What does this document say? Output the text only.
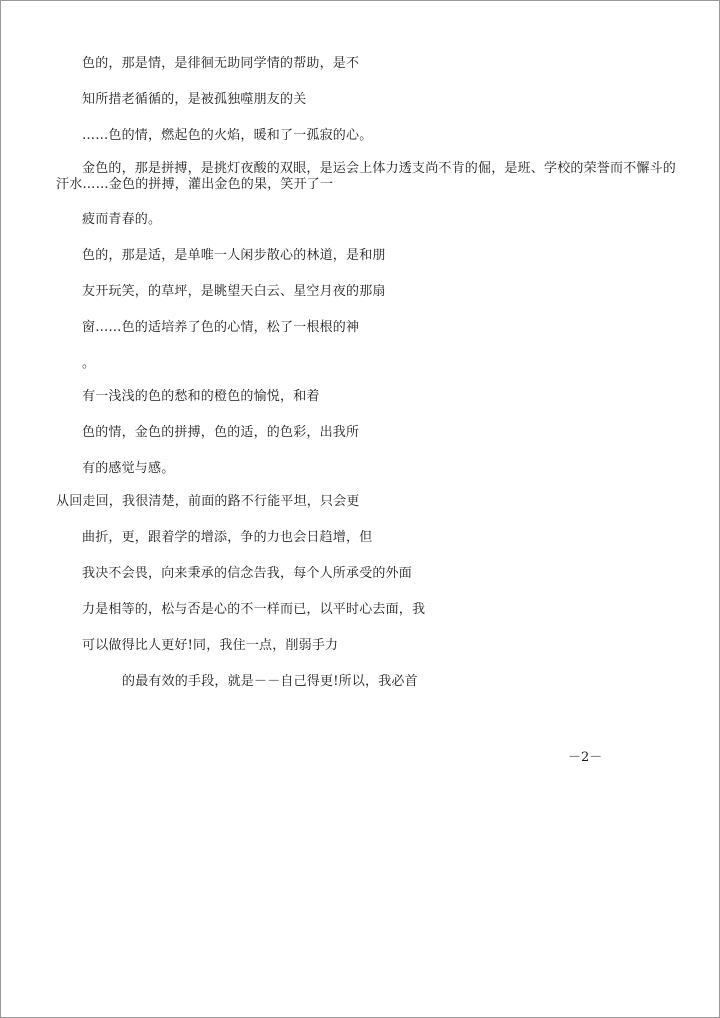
色的，那是情，是徘徊无助同学情的帮助，是不
知所措老循循的，是被孤独噬朋友的关
……色的情，燃起色的火焰，暖和了一孤寂的心。
金色的，那是拼搏，是挑灯夜酸的双眼，是运会上体力透支尚不肯的倔，是班、学校的荣誉而不懈斗的汗水……金色的拼搏，灌出金色的果，笑开了一
疲而青春的。
色的，那是适，是单唯一人闲步散心的林道，是和朋
友开玩笑，的草坪，是眺望天白云、星空月夜的那扇
窗……色的适培养了色的心情，松了一根根的神
。
有一浅浅的色的愁和的橙色的愉悦，和着
色的情，金色的拼搏，色的适，的色彩，出我所
有的感觉与感。
从回走回，我很清楚，前面的路不行能平坦，只会更
曲折，更，跟着学的增添，争的力也会日趋增，但
我决不会畏，向来秉承的信念告我，每个人所承受的外面
力是相等的，松与否是心的不一样而已，以平时心去面，我
可以做得比人更好!同，我住一点，削弱手力
的最有效的手段，就是－－自己得更!所以，我必首
－2－
